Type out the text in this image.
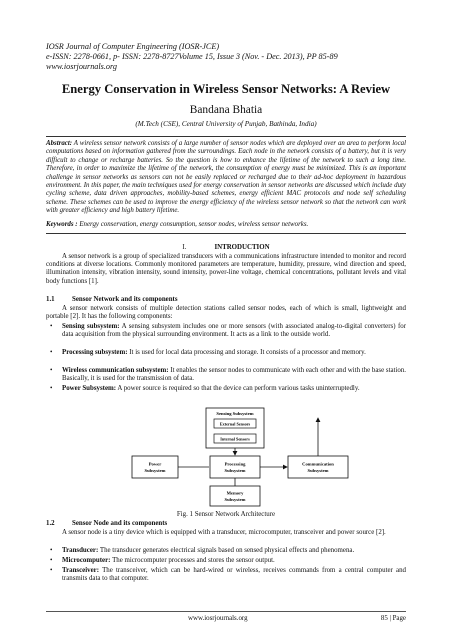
IOSR Journal of Computer Engineering (IOSR-JCE)
e-ISSN: 2278-0661, p- ISSN: 2278-8727Volume 15, Issue 3 (Nov. - Dec. 2013), PP 85-89
www.iosrjournals.org
Energy Conservation in Wireless Sensor Networks: A Review
Bandana Bhatia
(M.Tech (CSE), Central University of Punjab, Bathinda, India)

Abstract: A wireless sensor network consists of a large number of sensor nodes which are deployed over an area to perform local computations based on information gathered from the surroundings. Each node in the network consists of a battery, but it is very difficult to change or recharge batteries. So the question is how to enhance the lifetime of the network to such a long time. Therefore, in order to maximize the lifetime of the network, the consumption of energy must be minimized. This is an important challenge in sensor networks as sensors can not be easily replaced or recharged due to their ad-hoc deployment in hazardous environment. In this paper, the main techniques used for energy conservation in sensor networks are discussed which include duty cycling scheme, data driven approaches, mobility-based schemes, energy efficient MAC protocols and node self scheduling scheme. These schemes can be used to improve the energy efficiency of the wireless sensor network so that the network can work with greater efficiency and high battery lifetime.

Keywords : Energy conservation, energy consumption, sensor nodes, wireless sensor networks.
I.	INTRODUCTION
A sensor network is a group of specialized transducers with a communications infrastructure intended to monitor and record conditions at diverse locations. Commonly monitored parameters are temperature, humidity, pressure, wind direction and speed, illumination intensity, vibration intensity, sound intensity, power-line voltage, chemical concentrations, pollutant levels and vital body functions [1].
1.1	Sensor Network and its components
A sensor network consists of multiple detection stations called sensor nodes, each of which is small, lightweight and portable [2]. It has the following components:
• Sensing subsystem: A sensing subsystem includes one or more sensors (with associated analog-to-digital converters) for data acquisition from the physical surrounding environment. It acts as a link to the outside world.
• Processing subsystem: It is used for local data processing and storage. It consists of a processor and memory.
• Wireless communication subsystem: It enables the sensor nodes to communicate with each other and with the base station. Basically, it is used for the transmission of data.
• Power Subsystem: A power source is required so that the device can perform various tasks uninterruptedly.
Sensing Subsystem
External Sensors
Internal Sensors
Power
Subsystem
Processing
Subsystem
Communication
Subsystem
Memory
Subsystem
Fig. 1 Sensor Network Architecture
1.2	Sensor Node and its components
A sensor node is a tiny device which is equipped with a transducer, microcomputer, transceiver and power source [2].
• Transducer: The transducer generates electrical signals based on sensed physical effects and phenomena.
• Microcomputer: The microcomputer processes and stores the sensor output.
• Transceiver: The transceiver, which can be hard-wired or wireless, receives commands from a central computer and transmits data to that computer.
www.iosrjournals.org	85 | Page
